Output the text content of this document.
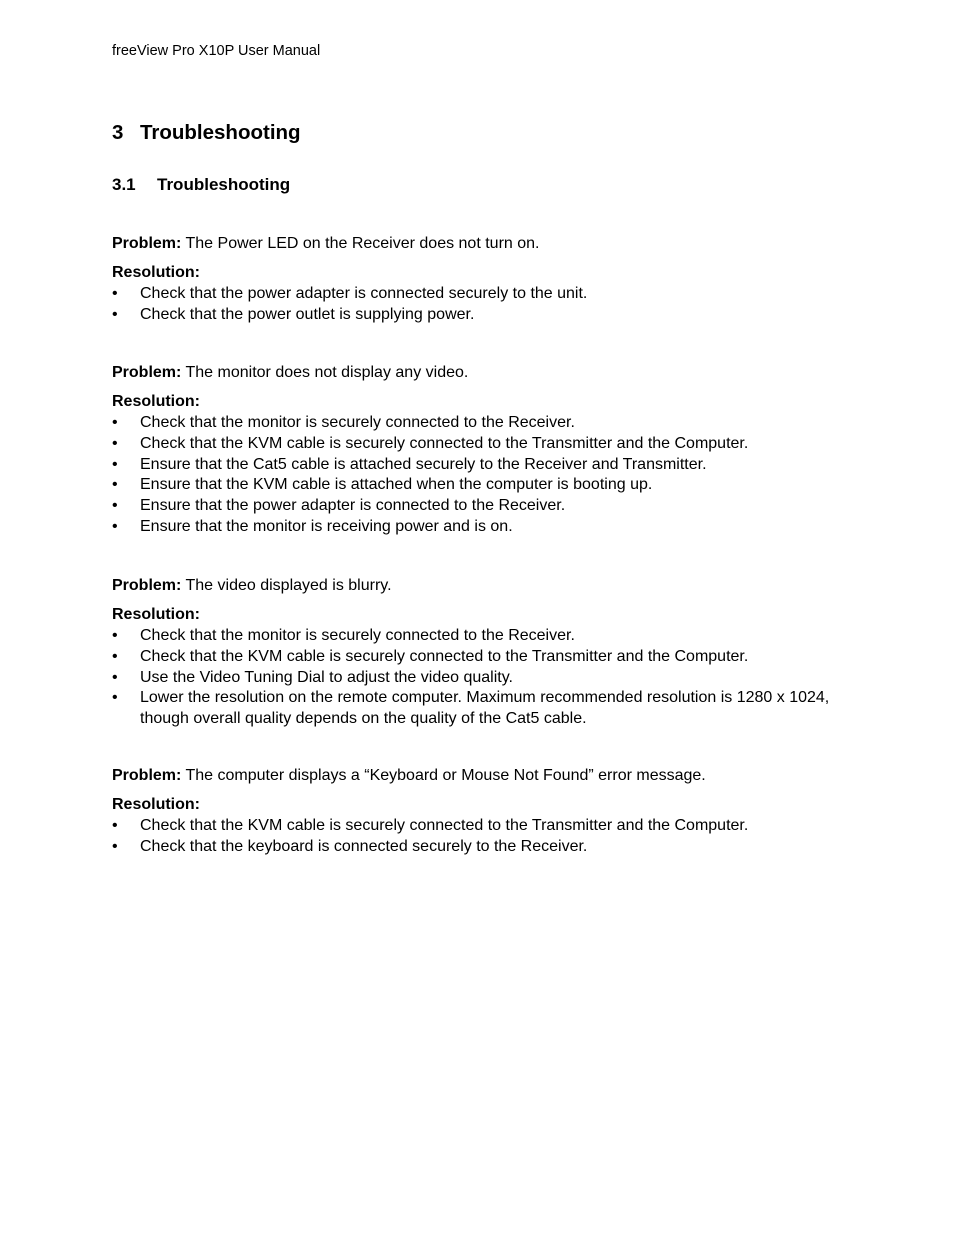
freeView Pro X10P User Manual
3 Troubleshooting
3.1 Troubleshooting
Problem: The Power LED on the Receiver does not turn on.
Resolution:
•	Check that the power adapter is connected securely to the unit.
•	Check that the power outlet is supplying power.
Problem: The monitor does not display any video.
Resolution:
•	Check that the monitor is securely connected to the Receiver.
•	Check that the KVM cable is securely connected to the Transmitter and the Computer.
•	Ensure that the Cat5 cable is attached securely to the Receiver and Transmitter.
•	Ensure that the KVM cable is attached when the computer is booting up.
•	Ensure that the power adapter is connected to the Receiver.
•	Ensure that the monitor is receiving power and is on.
Problem: The video displayed is blurry.
Resolution:
•	Check that the monitor is securely connected to the Receiver.
•	Check that the KVM cable is securely connected to the Transmitter and the Computer.
•	Use the Video Tuning Dial to adjust the video quality.
•	Lower the resolution on the remote computer. Maximum recommended resolution is 1280 x 1024, though overall quality depends on the quality of the Cat5 cable.
Problem: The computer displays a “Keyboard or Mouse Not Found” error message.
Resolution:
•	Check that the KVM cable is securely connected to the Transmitter and the Computer.
•	Check that the keyboard is connected securely to the Receiver.
